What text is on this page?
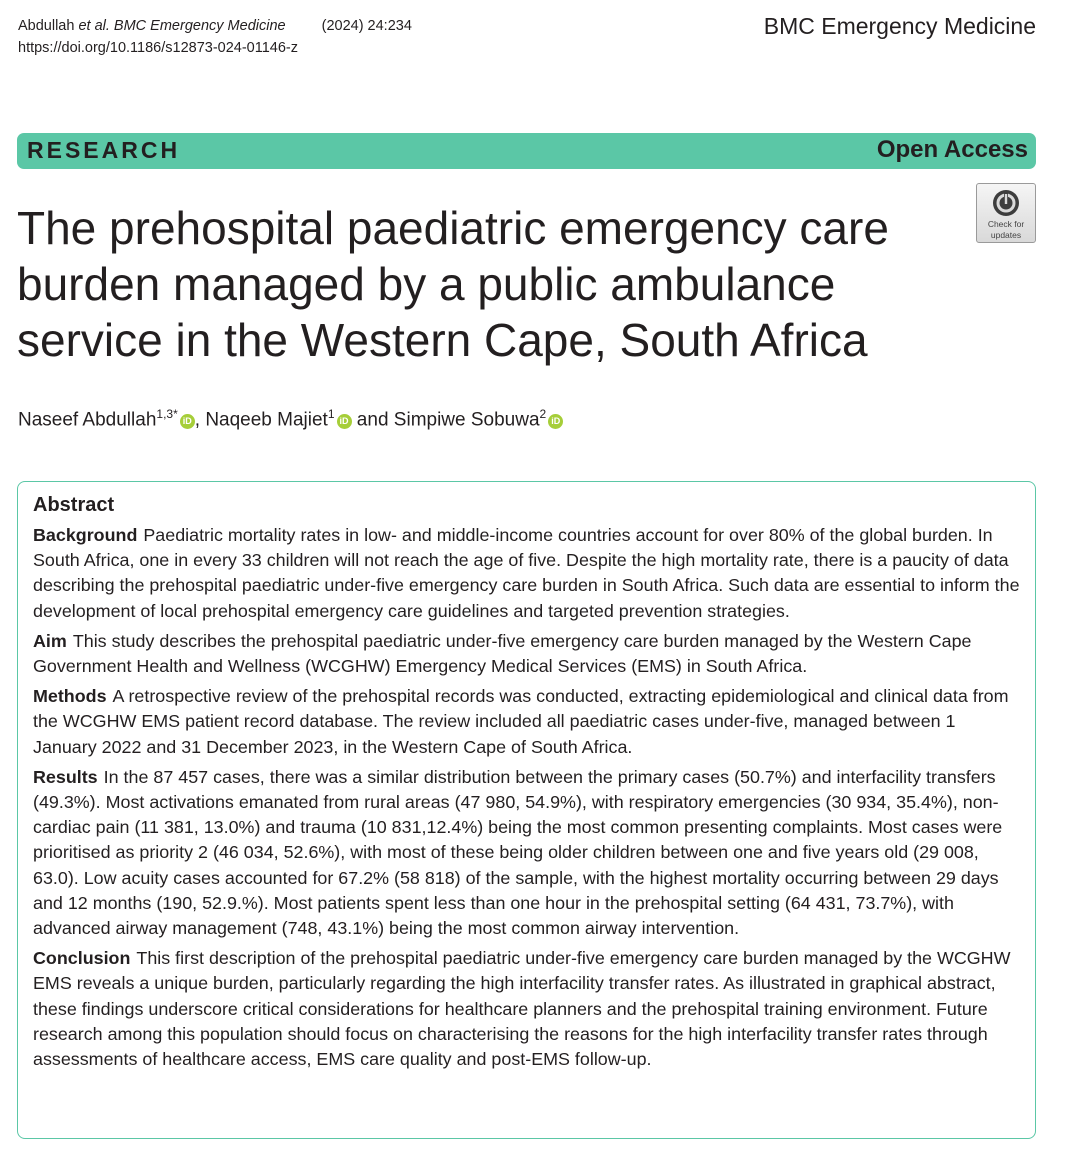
Abdullah et al. BMC Emergency Medicine (2024) 24:234
https://doi.org/10.1186/s12873-024-01146-z
BMC Emergency Medicine
RESEARCH	Open Access
Check for
updates
The prehospital paediatric emergency care burden managed by a public ambulance service in the Western Cape, South Africa
Naseef Abdullah$^{1,3*}$iD , Naqeeb Majiet$^1$iD and Simpiwe Sobuwa$^2$iD
Abstract

Background Paediatric mortality rates in low- and middle-income countries account for over 80% of the global burden. In South Africa, one in every 33 children will not reach the age of five. Despite the high mortality rate, there is a paucity of data describing the prehospital paediatric under-five emergency care burden in South Africa. Such data are essential to inform the development of local prehospital emergency care guidelines and targeted prevention strategies.

Aim This study describes the prehospital paediatric under-five emergency care burden managed by the Western Cape Government Health and Wellness (WCGHW) Emergency Medical Services (EMS) in South Africa.

Methods A retrospective review of the prehospital records was conducted, extracting epidemiological and clinical data from the WCGHW EMS patient record database. The review included all paediatric cases under-five, managed between 1 January 2022 and 31 December 2023, in the Western Cape of South Africa.

Results In the 87 457 cases, there was a similar distribution between the primary cases (50.7%) and interfacility transfers (49.3%). Most activations emanated from rural areas (47 980, 54.9%), with respiratory emergencies (30 934, 35.4%), non-cardiac pain (11 381, 13.0%) and trauma (10 831,12.4%) being the most common presenting complaints. Most cases were prioritised as priority 2 (46 034, 52.6%), with most of these being older children between one and five years old (29 008, 63.0). Low acuity cases accounted for 67.2% (58 818) of the sample, with the highest mortality occurring between 29 days and 12 months (190, 52.9.%). Most patients spent less than one hour in the prehospital setting (64 431, 73.7%), with advanced airway management (748, 43.1%) being the most common airway intervention.

Conclusion This first description of the prehospital paediatric under-five emergency care burden managed by the WCGHW EMS reveals a unique burden, particularly regarding the high interfacility transfer rates. As illustrated in graphical abstract, these findings underscore critical considerations for healthcare planners and the prehospital training environment. Future research among this population should focus on characterising the reasons for the high interfacility transfer rates through assessments of healthcare access, EMS care quality and post-EMS follow-up.
